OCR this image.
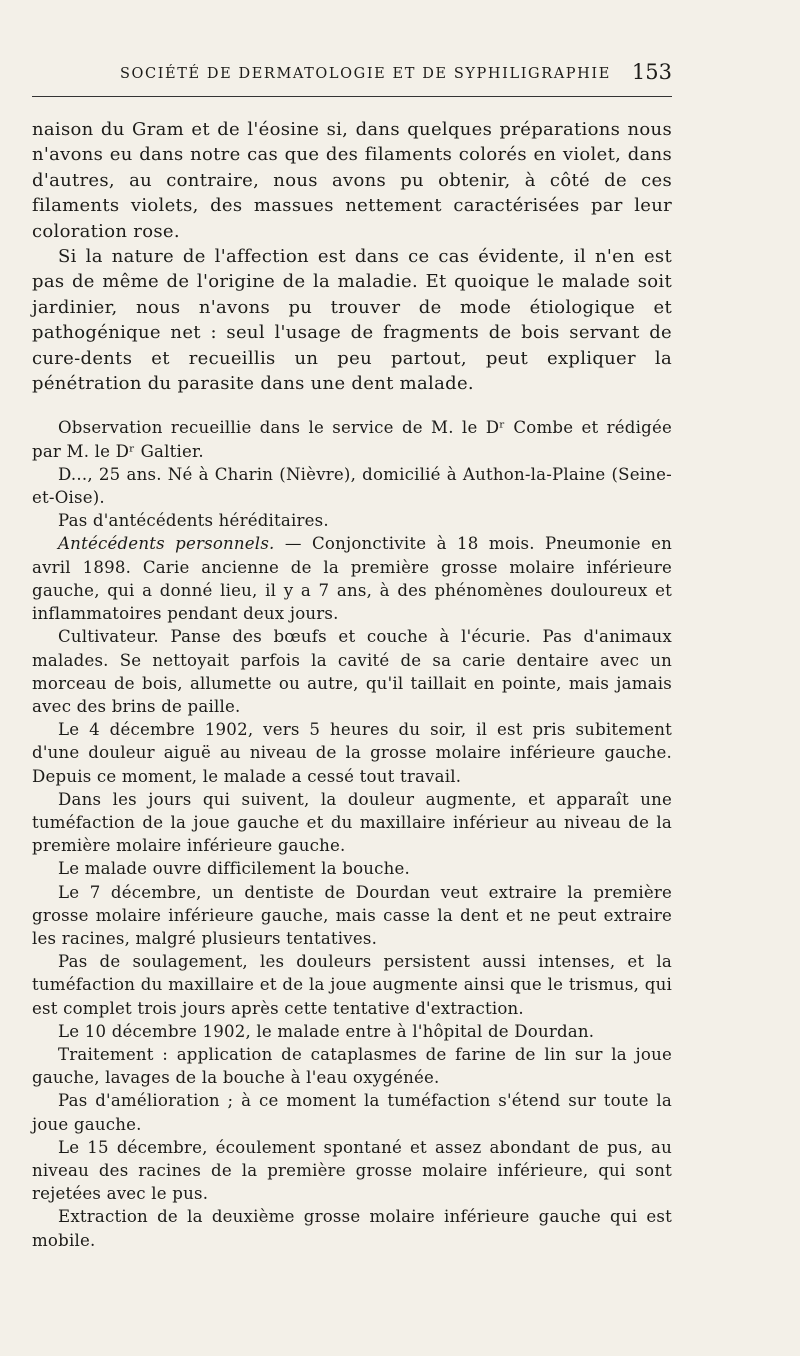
SOCIÉTÉ DE DERMATOLOGIE ET DE SYPHILIGRAPHIE 153

naison du Gram et de l'éosine si, dans quelques préparations nous n'avons eu dans notre cas que des filaments colorés en violet, dans d'autres, au contraire, nous avons pu obtenir, à côté de ces filaments violets, des massues nettement caractérisées par leur coloration rose.

Si la nature de l'affection est dans ce cas évidente, il n'en est pas de même de l'origine de la maladie. Et quoique le malade soit jardinier, nous n'avons pu trouver de mode étiologique et pathogénique net : seul l'usage de fragments de bois servant de cure-dents et recueillis un peu partout, peut expliquer la pénétration du parasite dans une dent malade.

Observation recueillie dans le service de M. le Dʳ Combe et rédigée par M. le Dʳ Galtier.

D..., 25 ans. Né à Charin (Nièvre), domicilié à Authon-la-Plaine (Seine-et-Oise).

Pas d'antécédents héréditaires.

Antécédents personnels. — Conjonctivite à 18 mois. Pneumonie en avril 1898. Carie ancienne de la première grosse molaire inférieure gauche, qui a donné lieu, il y a 7 ans, à des phénomènes douloureux et inflammatoires pendant deux jours.

Cultivateur. Panse des bœufs et couche à l'écurie. Pas d'animaux malades. Se nettoyait parfois la cavité de sa carie dentaire avec un morceau de bois, allumette ou autre, qu'il taillait en pointe, mais jamais avec des brins de paille.

Le 4 décembre 1902, vers 5 heures du soir, il est pris subitement d'une douleur aiguë au niveau de la grosse molaire inférieure gauche. Depuis ce moment, le malade a cessé tout travail.

Dans les jours qui suivent, la douleur augmente, et apparaît une tuméfaction de la joue gauche et du maxillaire inférieur au niveau de la première molaire inférieure gauche.

Le malade ouvre difficilement la bouche.

Le 7 décembre, un dentiste de Dourdan veut extraire la première grosse molaire inférieure gauche, mais casse la dent et ne peut extraire les racines, malgré plusieurs tentatives.

Pas de soulagement, les douleurs persistent aussi intenses, et la tuméfaction du maxillaire et de la joue augmente ainsi que le trismus, qui est complet trois jours après cette tentative d'extraction.

Le 10 décembre 1902, le malade entre à l'hôpital de Dourdan.

Traitement : application de cataplasmes de farine de lin sur la joue gauche, lavages de la bouche à l'eau oxygénée.

Pas d'amélioration ; à ce moment la tuméfaction s'étend sur toute la joue gauche.

Le 15 décembre, écoulement spontané et assez abondant de pus, au niveau des racines de la première grosse molaire inférieure, qui sont rejetées avec le pus.

Extraction de la deuxième grosse molaire inférieure gauche qui est mobile.
